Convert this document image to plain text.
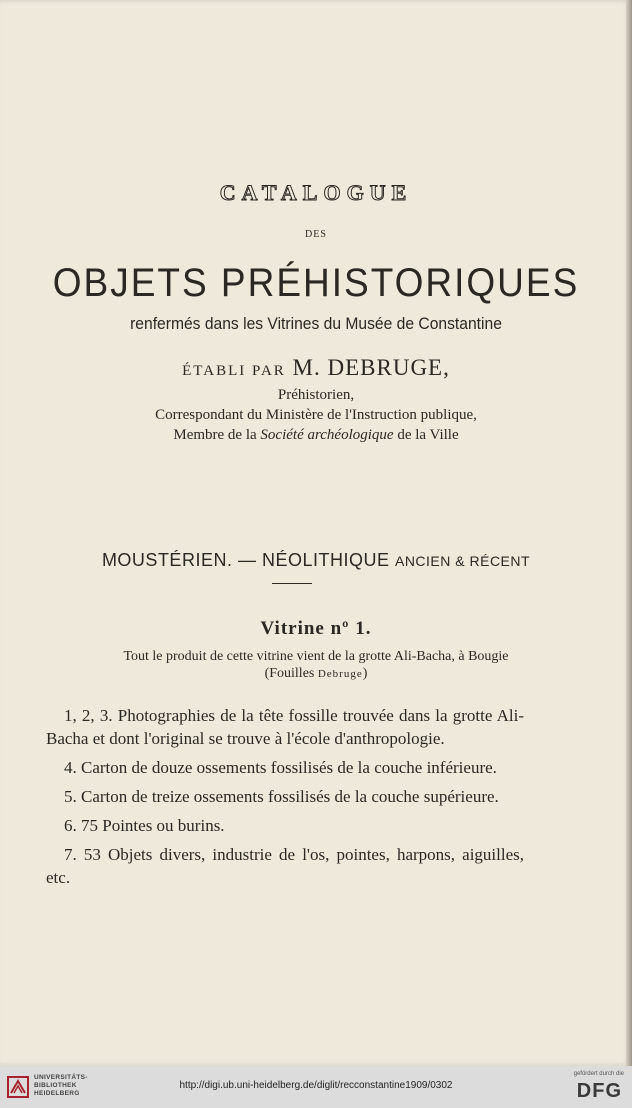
CATALOGUE
DES
OBJETS PRÉHISTORIQUES
renfermés dans les Vitrines du Musée de Constantine
ÉTABLI PAR M. DEBRUGE,
Préhistorien,
Correspondant du Ministère de l'Instruction publique,
Membre de la Société archéologique de la Ville
MOUSTÉRIEN. — NÉOLITHIQUE ANCIEN & RÉCENT
Vitrine nº 1.
Tout le produit de cette vitrine vient de la grotte Ali-Bacha, à Bougie
(Fouilles Debruge)

1, 2, 3. Photographies de la tête fossille trouvée dans la grotte Ali-Bacha et dont l'original se trouve à l'école d'anthropologie.

4. Carton de douze ossements fossilisés de la couche inférieure.

5. Carton de treize ossements fossilisés de la couche supérieure.

6. 75 Pointes ou burins.

7. 53 Objets divers, industrie de l'os, pointes, harpons, aiguilles, etc.

UNIVERSITÄTS-
BIBLIOTHEK
HEIDELBERG
http://digi.ub.uni-heidelberg.de/diglit/recconstantine1909/0302
gefördert durch die
DFG
